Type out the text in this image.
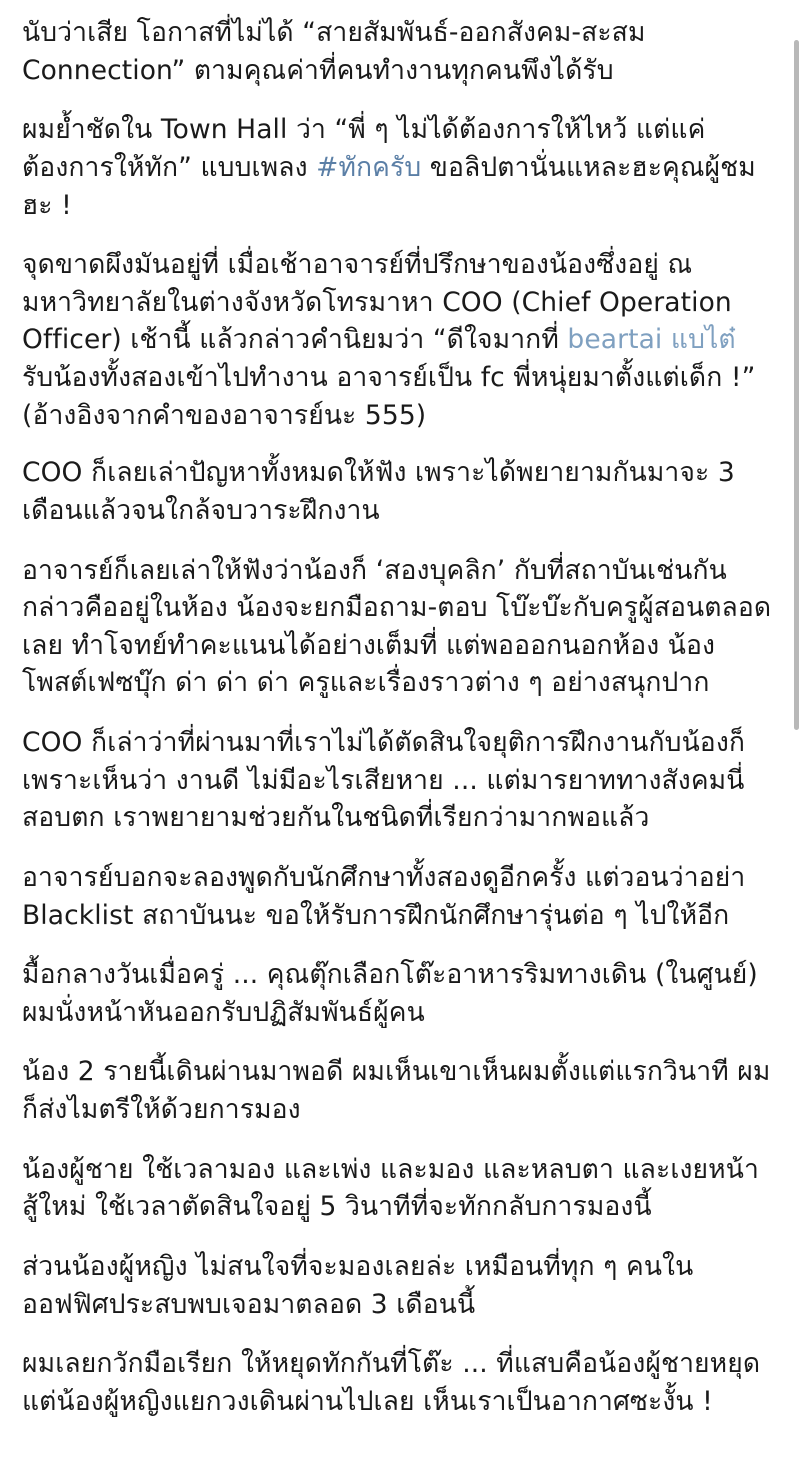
นับว่าเสีย โอกาสที่ไม่ได้ “สายสัมพันธ์-ออกสังคม-สะสม Connection” ตามคุณค่าที่คนทำงานทุกคนพึงได้รับ

ผมย้ำชัดใน Town Hall ว่า “พี่ ๆ ไม่ได้ต้องการให้ไหว้ แต่แค่ต้องการให้ทัก” แบบเพลง #ทักครับ ขอลิปตานั่นแหละฮะคุณผู้ชมฮะ !

จุดขาดผึงมันอยู่ที่ เมื่อเช้าอาจารย์ที่ปรึกษาของน้องซึ่งอยู่ ณ มหาวิทยาลัยในต่างจังหวัดโทรมาหา COO (Chief Operation Officer) เช้านี้ แล้วกล่าวคำนิยมว่า “ดีใจมากที่ beartai แบไต๋ รับน้องทั้งสองเข้าไปทำงาน อาจารย์เป็น fc พี่หนุ่ยมาตั้งแต่เด็ก !” (อ้างอิงจากคำของอาจารย์นะ 555)

COO ก็เลยเล่าปัญหาทั้งหมดให้ฟัง เพราะได้พยายามกันมาจะ 3 เดือนแล้วจนใกล้จบวาระฝึกงาน

อาจารย์ก็เลยเล่าให้ฟังว่าน้องก็ ‘สองบุคลิก’ กับที่สถาบันเช่นกัน กล่าวคืออยู่ในห้อง น้องจะยกมือถาม-ตอบ โบ๊ะบ๊ะกับครูผู้สอนตลอดเลย ทำโจทย์ทำคะแนนได้อย่างเต็มที่ แต่พอออกนอกห้อง น้องโพสต์เฟซบุ๊ก ด่า ด่า ด่า ครูและเรื่องราวต่าง ๆ อย่างสนุกปาก

COO ก็เล่าว่าที่ผ่านมาที่เราไม่ได้ตัดสินใจยุติการฝึกงานกับน้องก็เพราะเห็นว่า งานดี ไม่มีอะไรเสียหาย ... แต่มารยาททางสังคมนี่สอบตก เราพยายามช่วยกันในชนิดที่เรียกว่ามากพอแล้ว

อาจารย์บอกจะลองพูดกับนักศึกษาทั้งสองดูอีกครั้ง แต่วอนว่าอย่า Blacklist สถาบันนะ ขอให้รับการฝึกนักศึกษารุ่นต่อ ๆ ไปให้อีก

มื้อกลางวันเมื่อครู่ ... คุณตุ๊กเลือกโต๊ะอาหารริมทางเดิน (ในศูนย์) ผมนั่งหน้าหันออกรับปฏิสัมพันธ์ผู้คน

น้อง 2 รายนี้เดินผ่านมาพอดี ผมเห็นเขาเห็นผมตั้งแต่แรกวินาที ผมก็ส่งไมตรีให้ด้วยการมอง

น้องผู้ชาย ใช้เวลามอง และเพ่ง และมอง และหลบตา และเงยหน้าสู้ใหม่ ใช้เวลาตัดสินใจอยู่ 5 วินาทีที่จะทักกลับการมองนี้

ส่วนน้องผู้หญิง ไม่สนใจที่จะมองเลยล่ะ เหมือนที่ทุก ๆ คนในออฟฟิศประสบพบเจอมาตลอด 3 เดือนนี้

ผมเลยกวักมือเรียก ให้หยุดทักกันที่โต๊ะ ... ที่แสบคือน้องผู้ชายหยุด แต่น้องผู้หญิงแยกวงเดินผ่านไปเลย เห็นเราเป็นอากาศซะงั้น !
